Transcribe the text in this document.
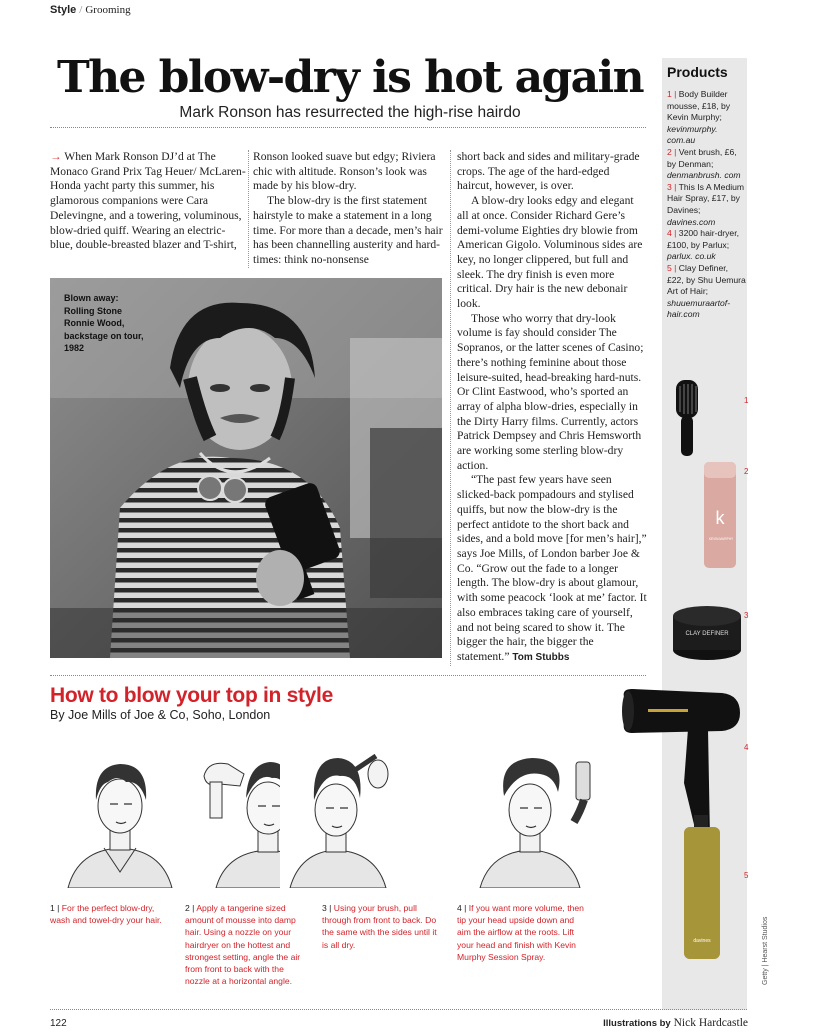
Style / Grooming
The blow-dry is hot again
Mark Ronson has resurrected the high-rise hairdo

→ When Mark Ronson DJ’d at The Monaco Grand Prix Tag Heuer/ McLaren-Honda yacht party this summer, his glamorous companions were Cara Delevingne, and a towering, voluminous, blow-dried quiff. Wearing an electric-blue, double-breasted blazer and T-shirt,

Ronson looked suave but edgy; Riviera chic with altitude. Ronson’s look was made by his blow-dry.

The blow-dry is the first statement hairstyle to make a statement in a long time. For more than a decade, men’s hair has been channelling austerity and hard-times: think no-nonsense

short back and sides and military-grade crops. The age of the hard-edged haircut, however, is over.

A blow-dry looks edgy and elegant all at once. Consider Richard Gere’s demi-volume Eighties dry blowie from American Gigolo. Voluminous sides are key, no longer clippered, but full and sleek. The dry finish is even more critical. Dry hair is the new debonair look.

Those who worry that dry-look volume is fay should consider The Sopranos, or the latter scenes of Casino; there’s nothing feminine about those leisure-suited, head-breaking hard-nuts. Or Clint Eastwood, who’s sported an array of alpha blow-dries, especially in the Dirty Harry films. Currently, actors Patrick Dempsey and Chris Hemsworth are working some sterling blow-dry action.

“The past few years have seen slicked-back pompadours and stylised quiffs, but now the blow-dry is the perfect antidote to the short back and sides, and a bold move [for men’s hair],” says Joe Mills, of London barber Joe & Co. “Grow out the fade to a longer length. The blow-dry is about glamour, with some peacock ‘look at me’ factor. It also embraces taking care of yourself, and not being scared to show it. The bigger the hair, the bigger the statement.” Tom Stubbs

Blown away: Rolling Stone Ronnie Wood, backstage on tour, 1982
How to blow your top in style
By Joe Mills of Joe & Co, Soho, London
1 | For the perfect blow-dry, wash and towel-dry your hair.
2 | Apply a tangerine sized amount of mousse into damp hair. Using a nozzle on your hairdryer on the hottest and strongest setting, angle the air from front to back with the nozzle at a horizontal angle.
3 | Using your brush, pull through from front to back. Do the same with the sides until it is all dry.
4 | If you want more volume, then tip your head upside down and aim the airflow at the roots. Lift your head and finish with Kevin Murphy Session Spray.
Products
1 | Body Builder mousse, £18, by Kevin Murphy; kevinmurphy. com.au
2 | Vent brush, £6, by Denman; denmanbrush. com
3 | This Is A Medium Hair Spray, £17, by Davines; davines.com
4 | 3200 hair-dryer, £100, by Parlux; parlux. co.uk
5 | Clay Definer, £22, by Shu Uemura Art of Hair; shuuemuraartof-hair.com
1
k
KEVIN.MURPHY
2
CLAY DEFINER
3
4
davines
5
Getty | Hearst Studios
122	Illustrations by Nick Hardcastle
